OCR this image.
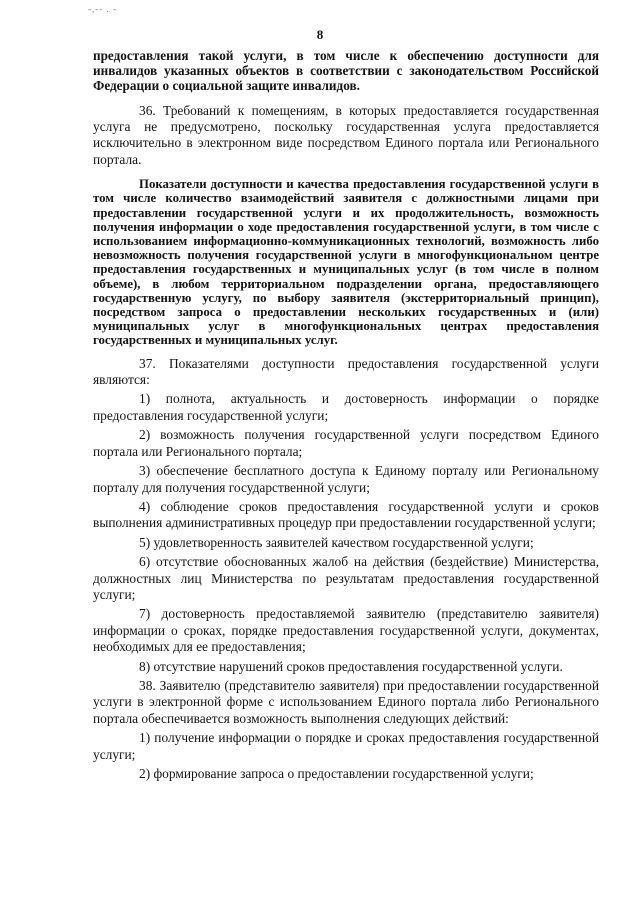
‐,‐‐ . ‐
8

предоставления такой услуги, в том числе к обеспечению доступности для инвалидов указанных объектов в соответствии с законодательством Российской Федерации о социальной защите инвалидов.

36. Требований к помещениям, в которых предоставляется государственная услуга не предусмотрено, поскольку государственная услуга предоставляется исключительно в электронном виде посредством Единого портала или Регионального портала.

Показатели доступности и качества предоставления государственной услуги в том числе количество взаимодействий заявителя с должностными лицами при предоставлении государственной услуги и их продолжительность, возможность получения информации о ходе предоставления государственной услуги, в том числе с использованием информационно-коммуникационных технологий, возможность либо невозможность получения государственной услуги в многофункциональном центре предоставления государственных и муниципальных услуг (в том числе в полном объеме), в любом территориальном подразделении органа, предоставляющего государственную услугу, по выбору заявителя (экстерриториальный принцип), посредством запроса о предоставлении нескольких государственных и (или) муниципальных услуг в многофункциональных центрах предоставления государственных и муниципальных услуг.

37. Показателями доступности предоставления государственной услуги являются:

1) полнота, актуальность и достоверность информации о порядке предоставления государственной услуги;

2) возможность получения государственной услуги посредством Единого портала или Регионального портала;

3) обеспечение бесплатного доступа к Единому порталу или Региональному порталу для получения государственной услуги;

4) соблюдение сроков предоставления государственной услуги и сроков выполнения административных процедур при предоставлении государственной услуги;

5) удовлетворенность заявителей качеством государственной услуги;

6) отсутствие обоснованных жалоб на действия (бездействие) Министерства, должностных лиц Министерства по результатам предоставления государственной услуги;

7) достоверность предоставляемой заявителю (представителю заявителя) информации о сроках, порядке предоставления государственной услуги, документах, необходимых для ее предоставления;

8) отсутствие нарушений сроков предоставления государственной услуги.

38. Заявителю (представителю заявителя) при предоставлении государственной услуги в электронной форме с использованием Единого портала либо Регионального портала обеспечивается возможность выполнения следующих действий:

1) получение информации о порядке и сроках предоставления государственной услуги;

2) формирование запроса о предоставлении государственной услуги;
